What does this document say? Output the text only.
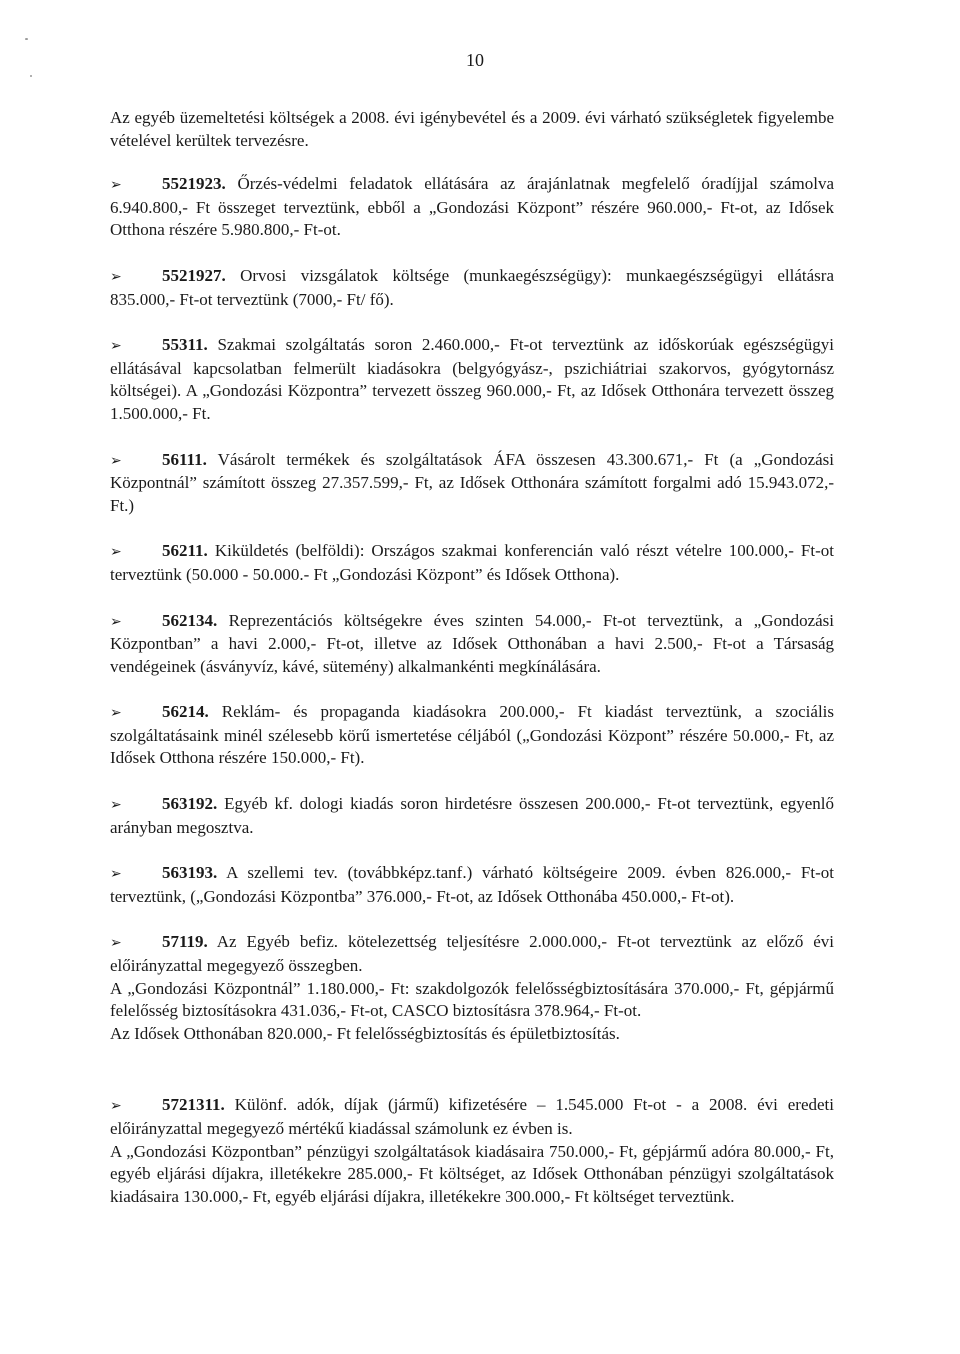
10

Az egyéb üzemeltetési költségek a 2008. évi igénybevétel és a 2009. évi várható szükségletek figyelembe vételével kerültek tervezésre.

➢ 5521923. Őrzés-védelmi feladatok ellátására az árajánlatnak megfelelő óradíjjal számolva 6.940.800,- Ft összeget terveztünk, ebből a „Gondozási Központ” részére 960.000,- Ft-ot, az Idősek Otthona részére 5.980.800,- Ft-ot.

➢ 5521927. Orvosi vizsgálatok költsége (munkaegészségügy): munkaegészségügyi ellátásra 835.000,- Ft-ot terveztünk (7000,- Ft/ fő).

➢ 55311. Szakmai szolgáltatás soron 2.460.000,- Ft-ot terveztünk az időskorúak egészségügyi ellátásával kapcsolatban felmerült kiadásokra (belgyógyász-, pszichiátriai szakorvos, gyógytornász költségei). A „Gondozási Központra” tervezett összeg 960.000,- Ft, az Idősek Otthonára tervezett összeg 1.500.000,- Ft.

➢ 56111. Vásárolt termékek és szolgáltatások ÁFA összesen 43.300.671,- Ft (a „Gondozási Központnál” számított összeg 27.357.599,- Ft, az Idősek Otthonára számított forgalmi adó 15.943.072,- Ft.)

➢ 56211. Kiküldetés (belföldi): Országos szakmai konferencián való részt vételre 100.000,- Ft-ot terveztünk (50.000 - 50.000.- Ft „Gondozási Központ” és Idősek Otthona).

➢ 562134. Reprezentációs költségekre éves szinten 54.000,- Ft-ot terveztünk, a „Gondozási Központban” a havi 2.000,- Ft-ot, illetve az Idősek Otthonában a havi 2.500,- Ft-ot a Társaság vendégeinek (ásványvíz, kávé, sütemény) alkalmankénti megkínálására.

➢ 56214. Reklám- és propaganda kiadásokra 200.000,- Ft kiadást terveztünk, a szociális szolgáltatásaink minél szélesebb körű ismertetése céljából („Gondozási Központ” részére 50.000,- Ft, az Idősek Otthona részére 150.000,- Ft).

➢ 563192. Egyéb kf. dologi kiadás soron hirdetésre összesen 200.000,- Ft-ot terveztünk, egyenlő arányban megosztva.

➢ 563193. A szellemi tev. (továbbképz.tanf.) várható költségeire 2009. évben 826.000,- Ft-ot terveztünk, („Gondozási Központba” 376.000,- Ft-ot, az Idősek Otthonába 450.000,- Ft-ot).

➢ 57119. Az Egyéb befiz. kötelezettség teljesítésre 2.000.000,- Ft-ot terveztünk az előző évi előirányzattal megegyező összegben.

A „Gondozási Központnál” 1.180.000,- Ft: szakdolgozók felelősségbiztosítására 370.000,- Ft, gépjármű felelősség biztosításokra 431.036,- Ft-ot, CASCO biztosításra 378.964,- Ft-ot.

Az Idősek Otthonában 820.000,- Ft felelősségbiztosítás és épületbiztosítás.

➢ 5721311. Különf. adók, díjak (jármű) kifizetésére – 1.545.000 Ft-ot - a 2008. évi eredeti előirányzattal megegyező mértékű kiadással számolunk ez évben is.

A „Gondozási Központban” pénzügyi szolgáltatások kiadásaira 750.000,- Ft, gépjármű adóra 80.000,- Ft, egyéb eljárási díjakra, illetékekre 285.000,- Ft költséget, az Idősek Otthonában pénzügyi szolgáltatások kiadásaira 130.000,- Ft, egyéb eljárási díjakra, illetékekre 300.000,- Ft költséget terveztünk.
